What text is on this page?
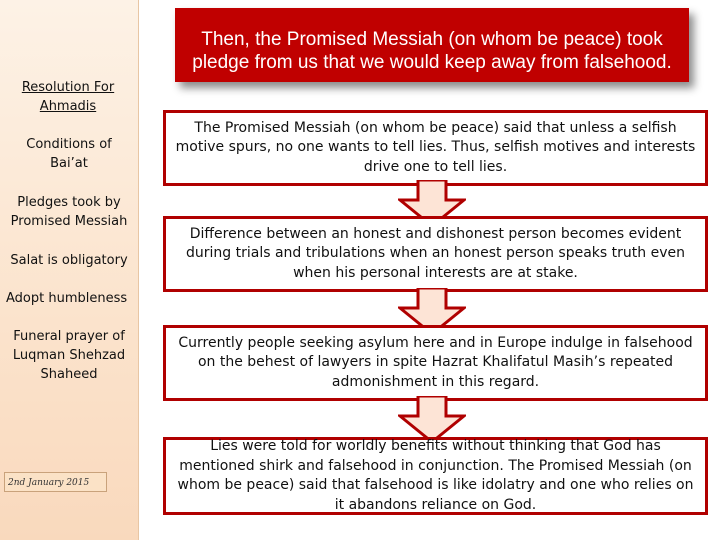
Resolution For Ahmadis
Conditions of Bai’at
Pledges took by Promised Messiah
Salat is obligatory
Adopt humbleness
Funeral prayer of Luqman Shehzad Shaheed
2nd January 2015
Then, the Promised Messiah (on whom be peace) took pledge from us that we would keep away from falsehood.
The Promised Messiah (on whom be peace) said that unless a selfish motive spurs, no one wants to tell lies. Thus, selfish motives and interests drive one to tell lies.
Difference between an honest and dishonest person becomes evident during trials and tribulations when an honest person speaks truth even when his personal interests are at stake.
Currently people seeking asylum here and in Europe indulge in falsehood on the behest of lawyers in spite Hazrat Khalifatul Masih’s repeated admonishment in this regard.
Lies were told for worldly benefits without thinking that God has mentioned shirk and falsehood in conjunction. The Promised Messiah (on whom be peace) said that falsehood is like idolatry and one who relies on it abandons reliance on God.
